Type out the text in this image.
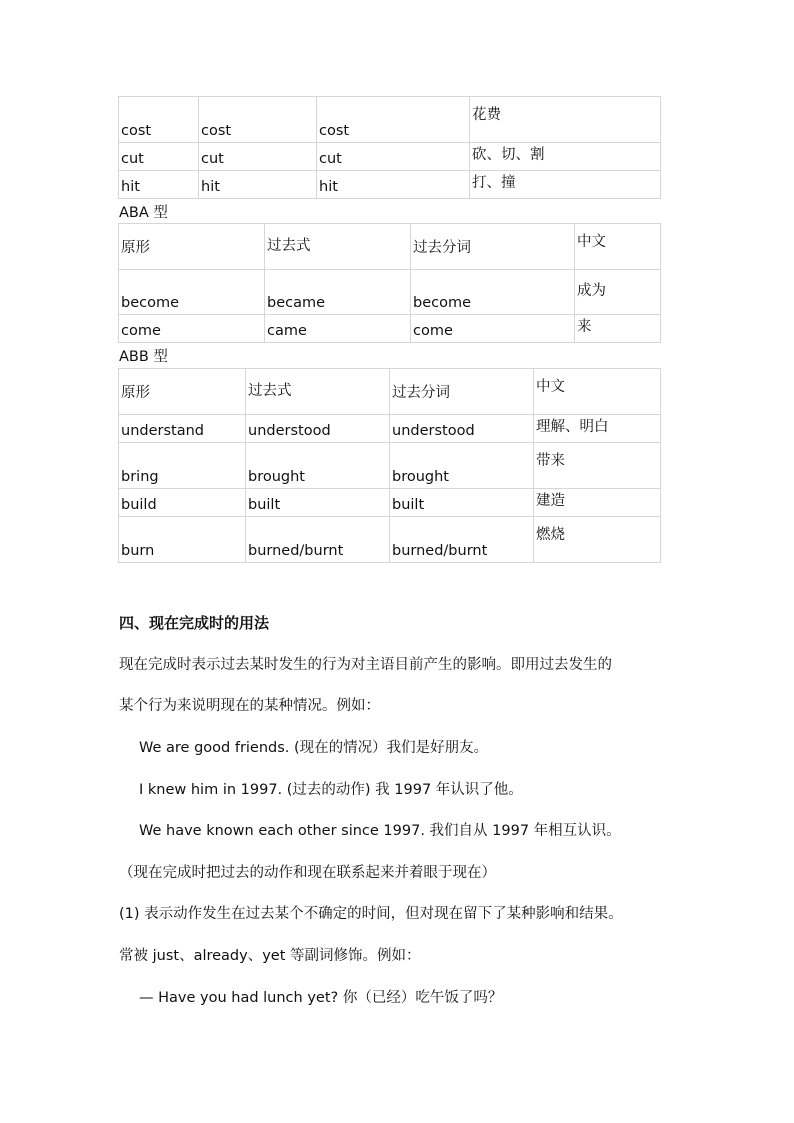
cost	cost	cost	花费
cut	cut	cut	砍、切、割
hit	hit	hit	打、撞
ABA 型
原形	过去式	过去分词	中文
become	became	become	成为
come	came	come	来
ABB 型
原形	过去式	过去分词	中文
understand	understood	understood	理解、明白
bring	brought	brought	带来
build	built	built	建造
burn	burned/burnt	burned/burnt	燃烧
四、现在完成时的用法
现在完成时表示过去某时发生的行为对主语目前产生的影响。即用过去发生的
某个行为来说明现在的某种情况。例如：
We are good friends. (现在的情况）我们是好朋友。
I knew him in 1997. (过去的动作) 我 1997 年认识了他。
We have known each other since 1997. 我们自从 1997 年相互认识。
（现在完成时把过去的动作和现在联系起来并着眼于现在）
(1) 表示动作发生在过去某个不确定的时间，但对现在留下了某种影响和结果。
常被 just、already、yet 等副词修饰。例如：
— Have you had lunch yet? 你（已经）吃午饭了吗？
